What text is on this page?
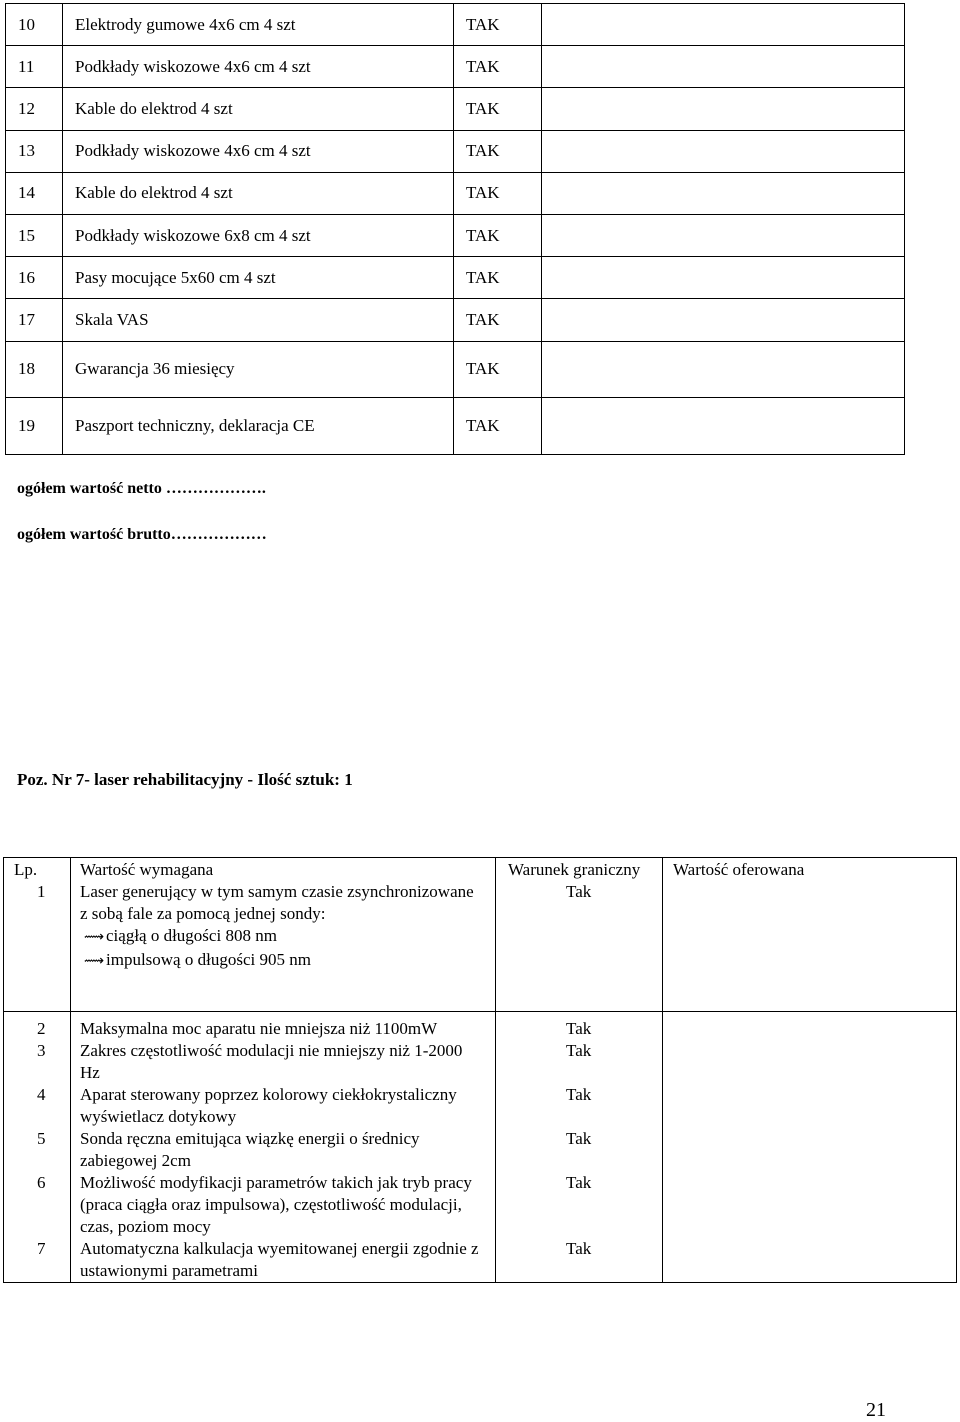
10	Elektrody gumowe 4x6 cm 4 szt	TAK	
11	Podkłady wiskozowe 4x6 cm 4 szt	TAK	
12	Kable do elektrod 4 szt	TAK	
13	Podkłady wiskozowe 4x6 cm 4 szt	TAK	
14	Kable do elektrod 4 szt	TAK	
15	Podkłady wiskozowe 6x8 cm 4 szt	TAK	
16	Pasy mocujące 5x60 cm 4 szt	TAK	
17	Skala VAS	TAK	
18	Gwarancja 36 miesięcy	TAK	
19	Paszport techniczny, deklaracja CE	TAK	
ogółem wartość netto ……………….
ogółem wartość brutto………………
Poz. Nr 7- laser rehabilitacyjny - Ilość sztuk: 1
Lp.	Wartość wymagana	Warunek graniczny	Wartość oferowana
1	Laser generujący w tym samym czasie zsynchronizowane z sobą fale za pomocą jednej sondy:
⟿ ciągłą o długości 808 nm
⟿ impulsową o długości 905 nm	Tak	
2	Maksymalna moc aparatu nie mniejsza niż 1100mW	Tak	
3	Zakres częstotliwość modulacji nie mniejszy niż 1-2000 Hz	Tak	
4	Aparat sterowany poprzez kolorowy ciekłokrystaliczny wyświetlacz dotykowy	Tak	
5	Sonda ręczna emitująca wiązkę energii o średnicy zabiegowej 2cm	Tak	
6	Możliwość modyfikacji parametrów takich jak tryb pracy (praca ciągła oraz impulsowa), częstotliwość modulacji, czas, poziom mocy	Tak	
7	Automatyczna kalkulacja wyemitowanej energii zgodnie z ustawionymi parametrami	Tak	
21
